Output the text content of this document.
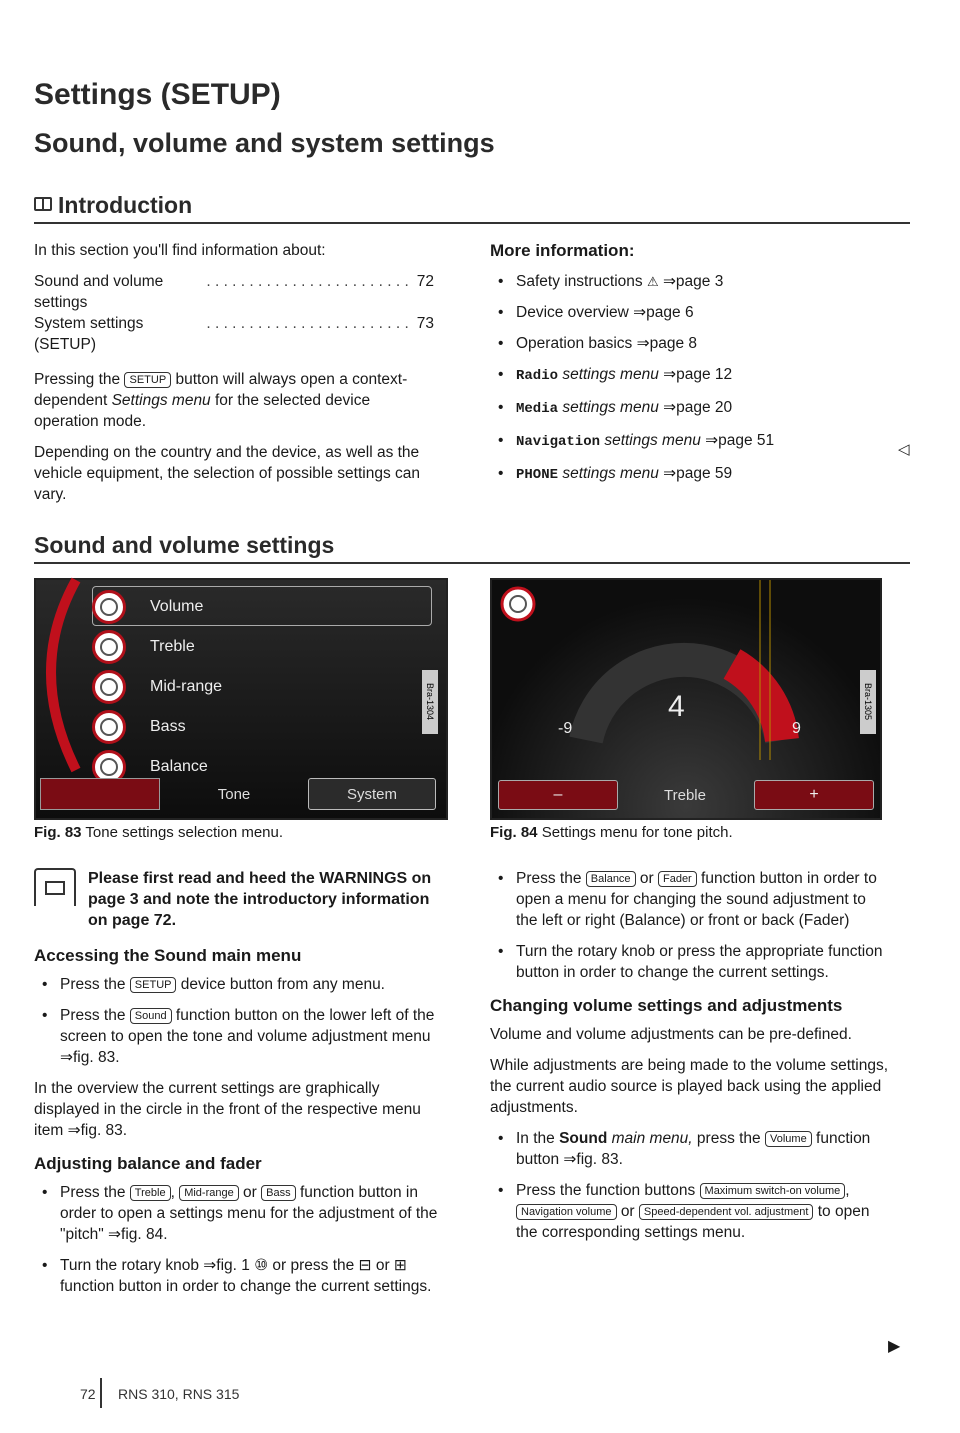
Settings (SETUP)
Sound, volume and system settings
Introduction

In this section you'll find information about:

Sound and volume settings
. . . . . . . . . . . . . . . . . . . . . . . . 72
System settings (SETUP)
. . . . . . . . . . . . . . . . . . . . . . . . 73

Pressing the SETUP button will always open a context-dependent Settings menu for the selected device operation mode.

Depending on the country and the device, as well as the vehicle equipment, the selection of possible settings can vary.

More information:
• Safety instructions ⚠ ⇒page 3
• Device overview ⇒page 6
• Operation basics ⇒page 8
• Radio settings menu ⇒page 12
• Media settings menu ⇒page 20
• Navigation settings menu ⇒page 51
• PHONE settings menu ⇒page 59
◁
Sound and volume settings
Volume
Treble
Mid-range
Bass
Balance
Tone	System
Bra-1304
Fig. 83 Tone settings selection menu.
4
-9	9
–	Treble	+
Bra-1305
Fig. 84 Settings menu for tone pitch.
Please first read and heed the WARNINGS on page 3 and note the introductory information on page 72.
Accessing the Sound main menu
• Press the SETUP device button from any menu.
• Press the Sound function button on the lower left of the screen to open the tone and volume adjustment menu ⇒fig. 83.

In the overview the current settings are graphically displayed in the circle in the front of the respective menu item ⇒fig. 83.

Adjusting balance and fader
• Press the Treble , Mid-range or Bass function button in order to open a settings menu for the adjustment of the "pitch" ⇒fig. 84.
• Turn the rotary knob ⇒fig. 1 ⑩ or press the ⊟ or ⊞ function button in order to change the current settings.
• Press the Balance or Fader function button in order to open a menu for changing the sound adjustment to the left or right (Balance) or front or back (Fader)
• Turn the rotary knob or press the appropriate function button in order to change the current settings.
Changing volume settings and adjustments

Volume and volume adjustments can be pre-defined.

While adjustments are being made to the volume settings, the current audio source is played back using the applied adjustments.

• In the Sound main menu, press the Volume function button ⇒fig. 83.
• Press the function buttons Maximum switch-on volume , Navigation volume or Speed-dependent vol. adjustment to open the corresponding settings menu.
▶
72 RNS 310, RNS 315
